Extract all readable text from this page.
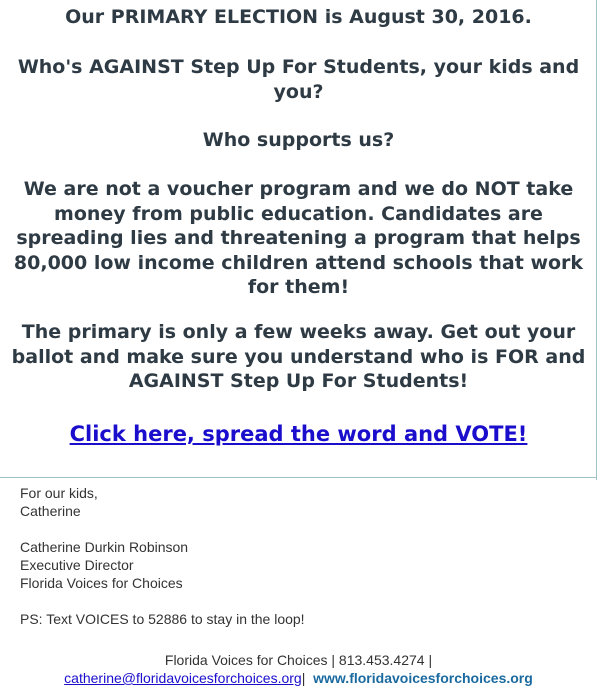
Our PRIMARY ELECTION is August 30, 2016.

Who's AGAINST Step Up For Students, your kids and you?

Who supports us?

We are not a voucher program and we do NOT take money from public education. Candidates are spreading lies and threatening a program that helps 80,000 low income children attend schools that work for them!

The primary is only a few weeks away. Get out your ballot and make sure you understand who is FOR and AGAINST Step Up For Students!

Click here, spread the word and VOTE!
For our kids,
Catherine
Catherine Durkin Robinson
Executive Director
Florida Voices for Choices
PS: Text VOICES to 52886 to stay in the loop!
Florida Voices for Choices | 813.453.4274 |
catherine@floridavoicesforchoices.org| www.floridavoicesforchoices.org
